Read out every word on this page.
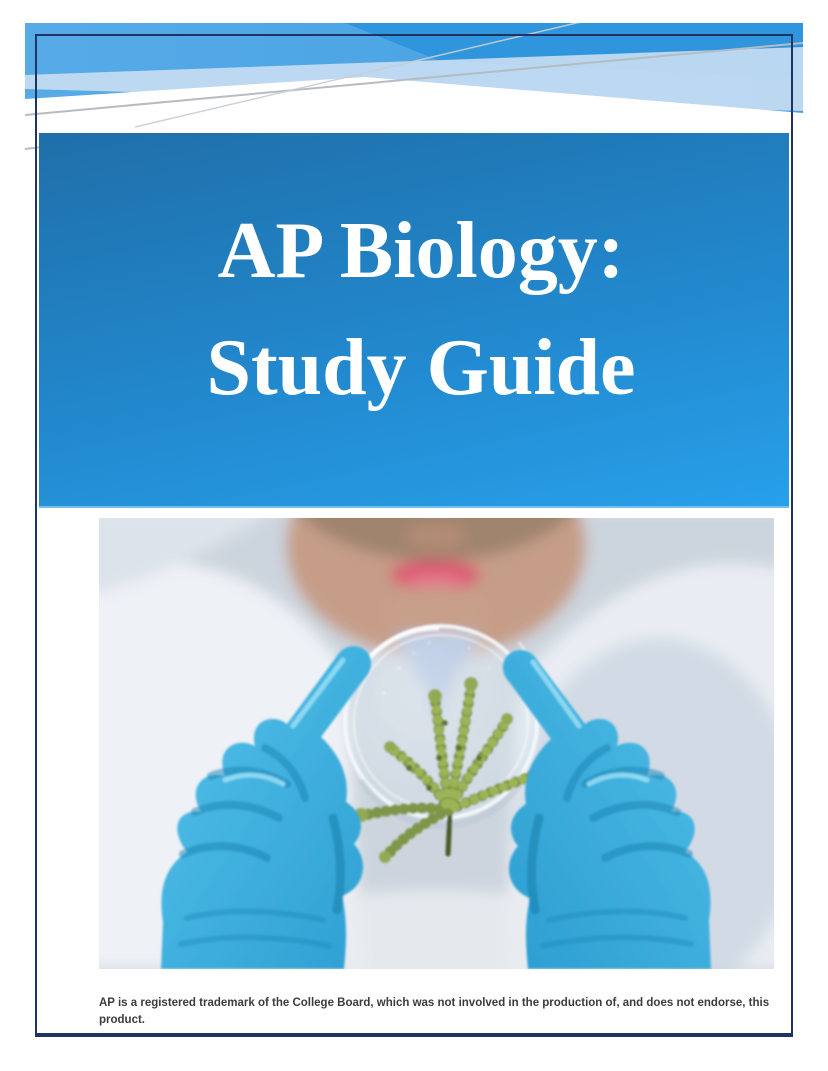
AP Biology:
Study Guide
AP is a registered trademark of the College Board, which was not involved in the production of, and does not endorse, this
product.
